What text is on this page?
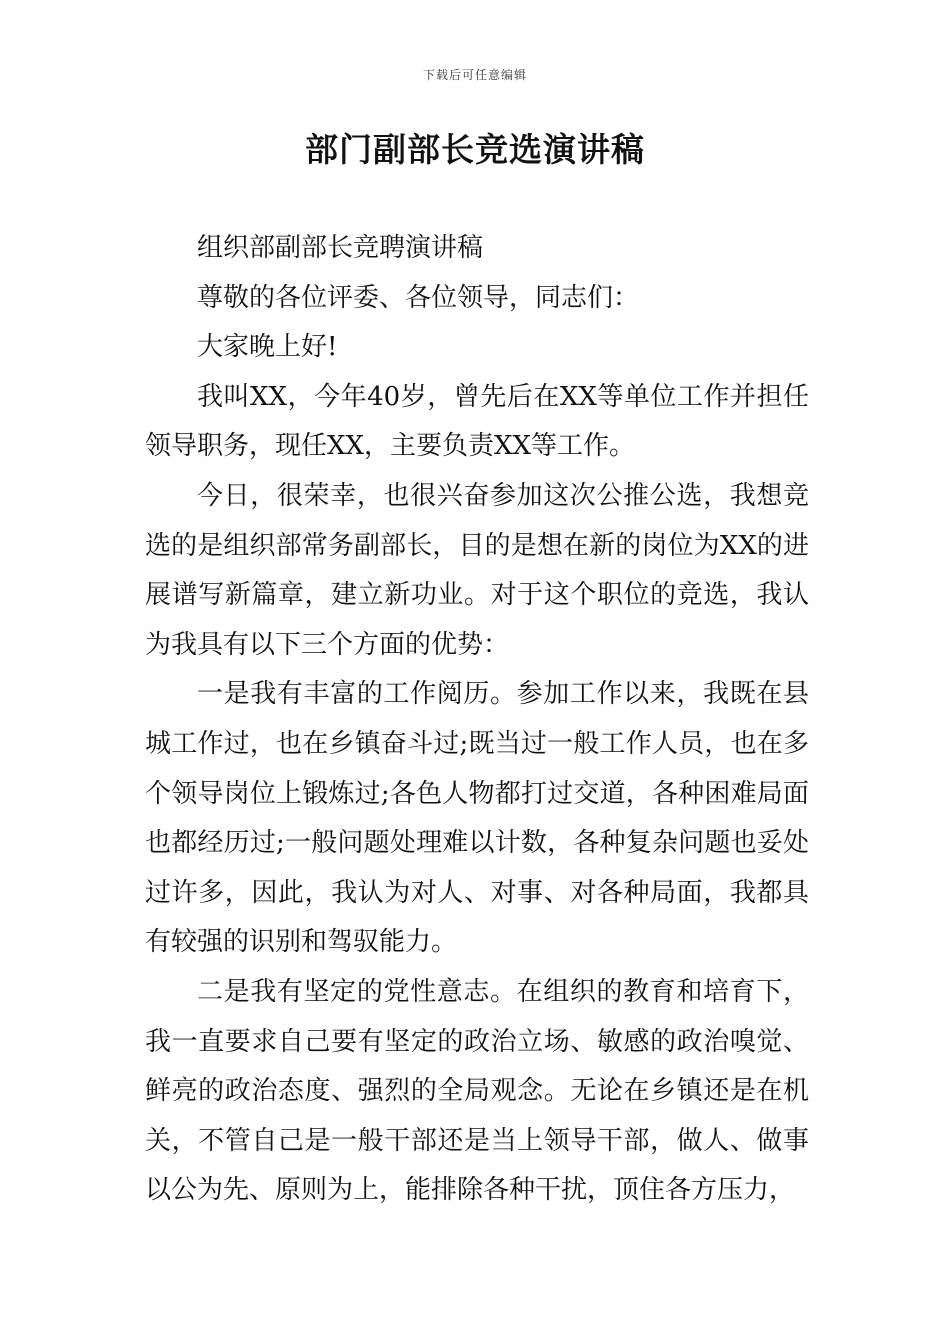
下载后可任意编辑
部门副部长竞选演讲稿

组织部副部长竞聘演讲稿

尊敬的各位评委、各位领导，同志们：

大家晚上好!

我叫XX，今年40岁，曾先后在XX等单位工作并担任领导职务，现任XX，主要负责XX等工作。

今日，很荣幸，也很兴奋参加这次公推公选，我想竞选的是组织部常务副部长，目的是想在新的岗位为XX的进展谱写新篇章，建立新功业。对于这个职位的竞选，我认为我具有以下三个方面的优势：

一是我有丰富的工作阅历。参加工作以来，我既在县城工作过，也在乡镇奋斗过;既当过一般工作人员，也在多个领导岗位上锻炼过;各色人物都打过交道，各种困难局面也都经历过;一般问题处理难以计数，各种复杂问题也妥处过许多，因此，我认为对人、对事、对各种局面，我都具有较强的识别和驾驭能力。

二是我有坚定的党性意志。在组织的教育和培育下，我一直要求自己要有坚定的政治立场、敏感的政治嗅觉、鲜亮的政治态度、强烈的全局观念。无论在乡镇还是在机关，不管自己是一般干部还是当上领导干部，做人、做事以公为先、原则为上，能排除各种干扰，顶住各方压力，
